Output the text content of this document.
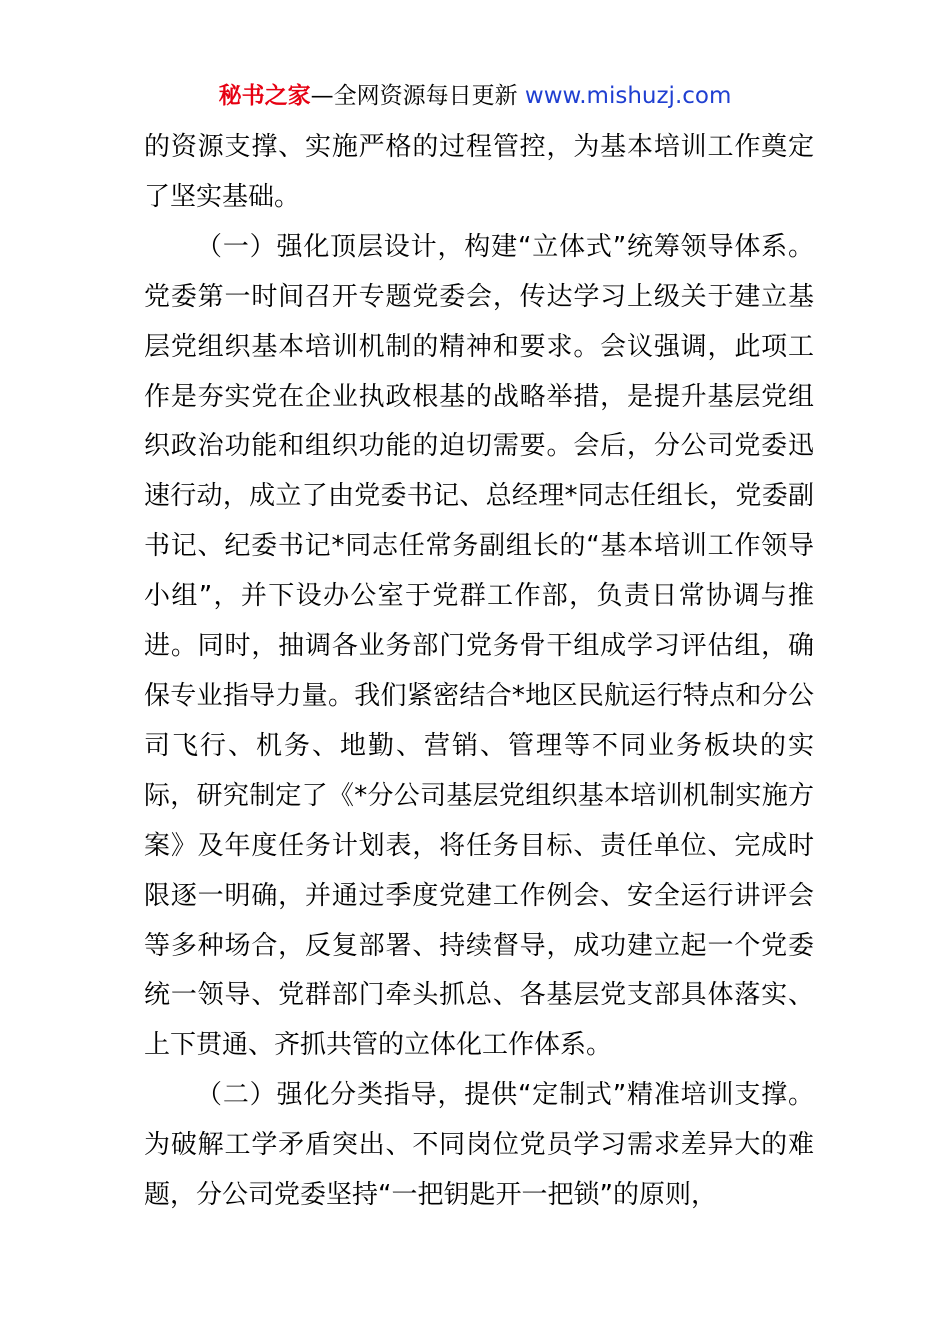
秘书之家—全网资源每日更新 www.mishuzj.com

的资源支撑、实施严格的过程管控，为基本培训工作奠定了坚实基础。

（一）强化顶层设计，构建“立体式”统筹领导体系。党委第一时间召开专题党委会，传达学习上级关于建立基层党组织基本培训机制的精神和要求。会议强调，此项工作是夯实党在企业执政根基的战略举措，是提升基层党组织政治功能和组织功能的迫切需要。会后，分公司党委迅速行动，成立了由党委书记、总经理*同志任组长，党委副书记、纪委书记*同志任常务副组长的“基本培训工作领导小组”，并下设办公室于党群工作部，负责日常协调与推进。同时，抽调各业务部门党务骨干组成学习评估组，确保专业指导力量。我们紧密结合*地区民航运行特点和分公司飞行、机务、地勤、营销、管理等不同业务板块的实际，研究制定了《*分公司基层党组织基本培训机制实施方案》及年度任务计划表，将任务目标、责任单位、完成时限逐一明确，并通过季度党建工作例会、安全运行讲评会等多种场合，反复部署、持续督导，成功建立起一个党委统一领导、党群部门牵头抓总、各基层党支部具体落实、上下贯通、齐抓共管的立体化工作体系。

（二）强化分类指导，提供“定制式”精准培训支撑。为破解工学矛盾突出、不同岗位党员学习需求差异大的难题，分公司党委坚持“一把钥匙开一把锁”的原则，
